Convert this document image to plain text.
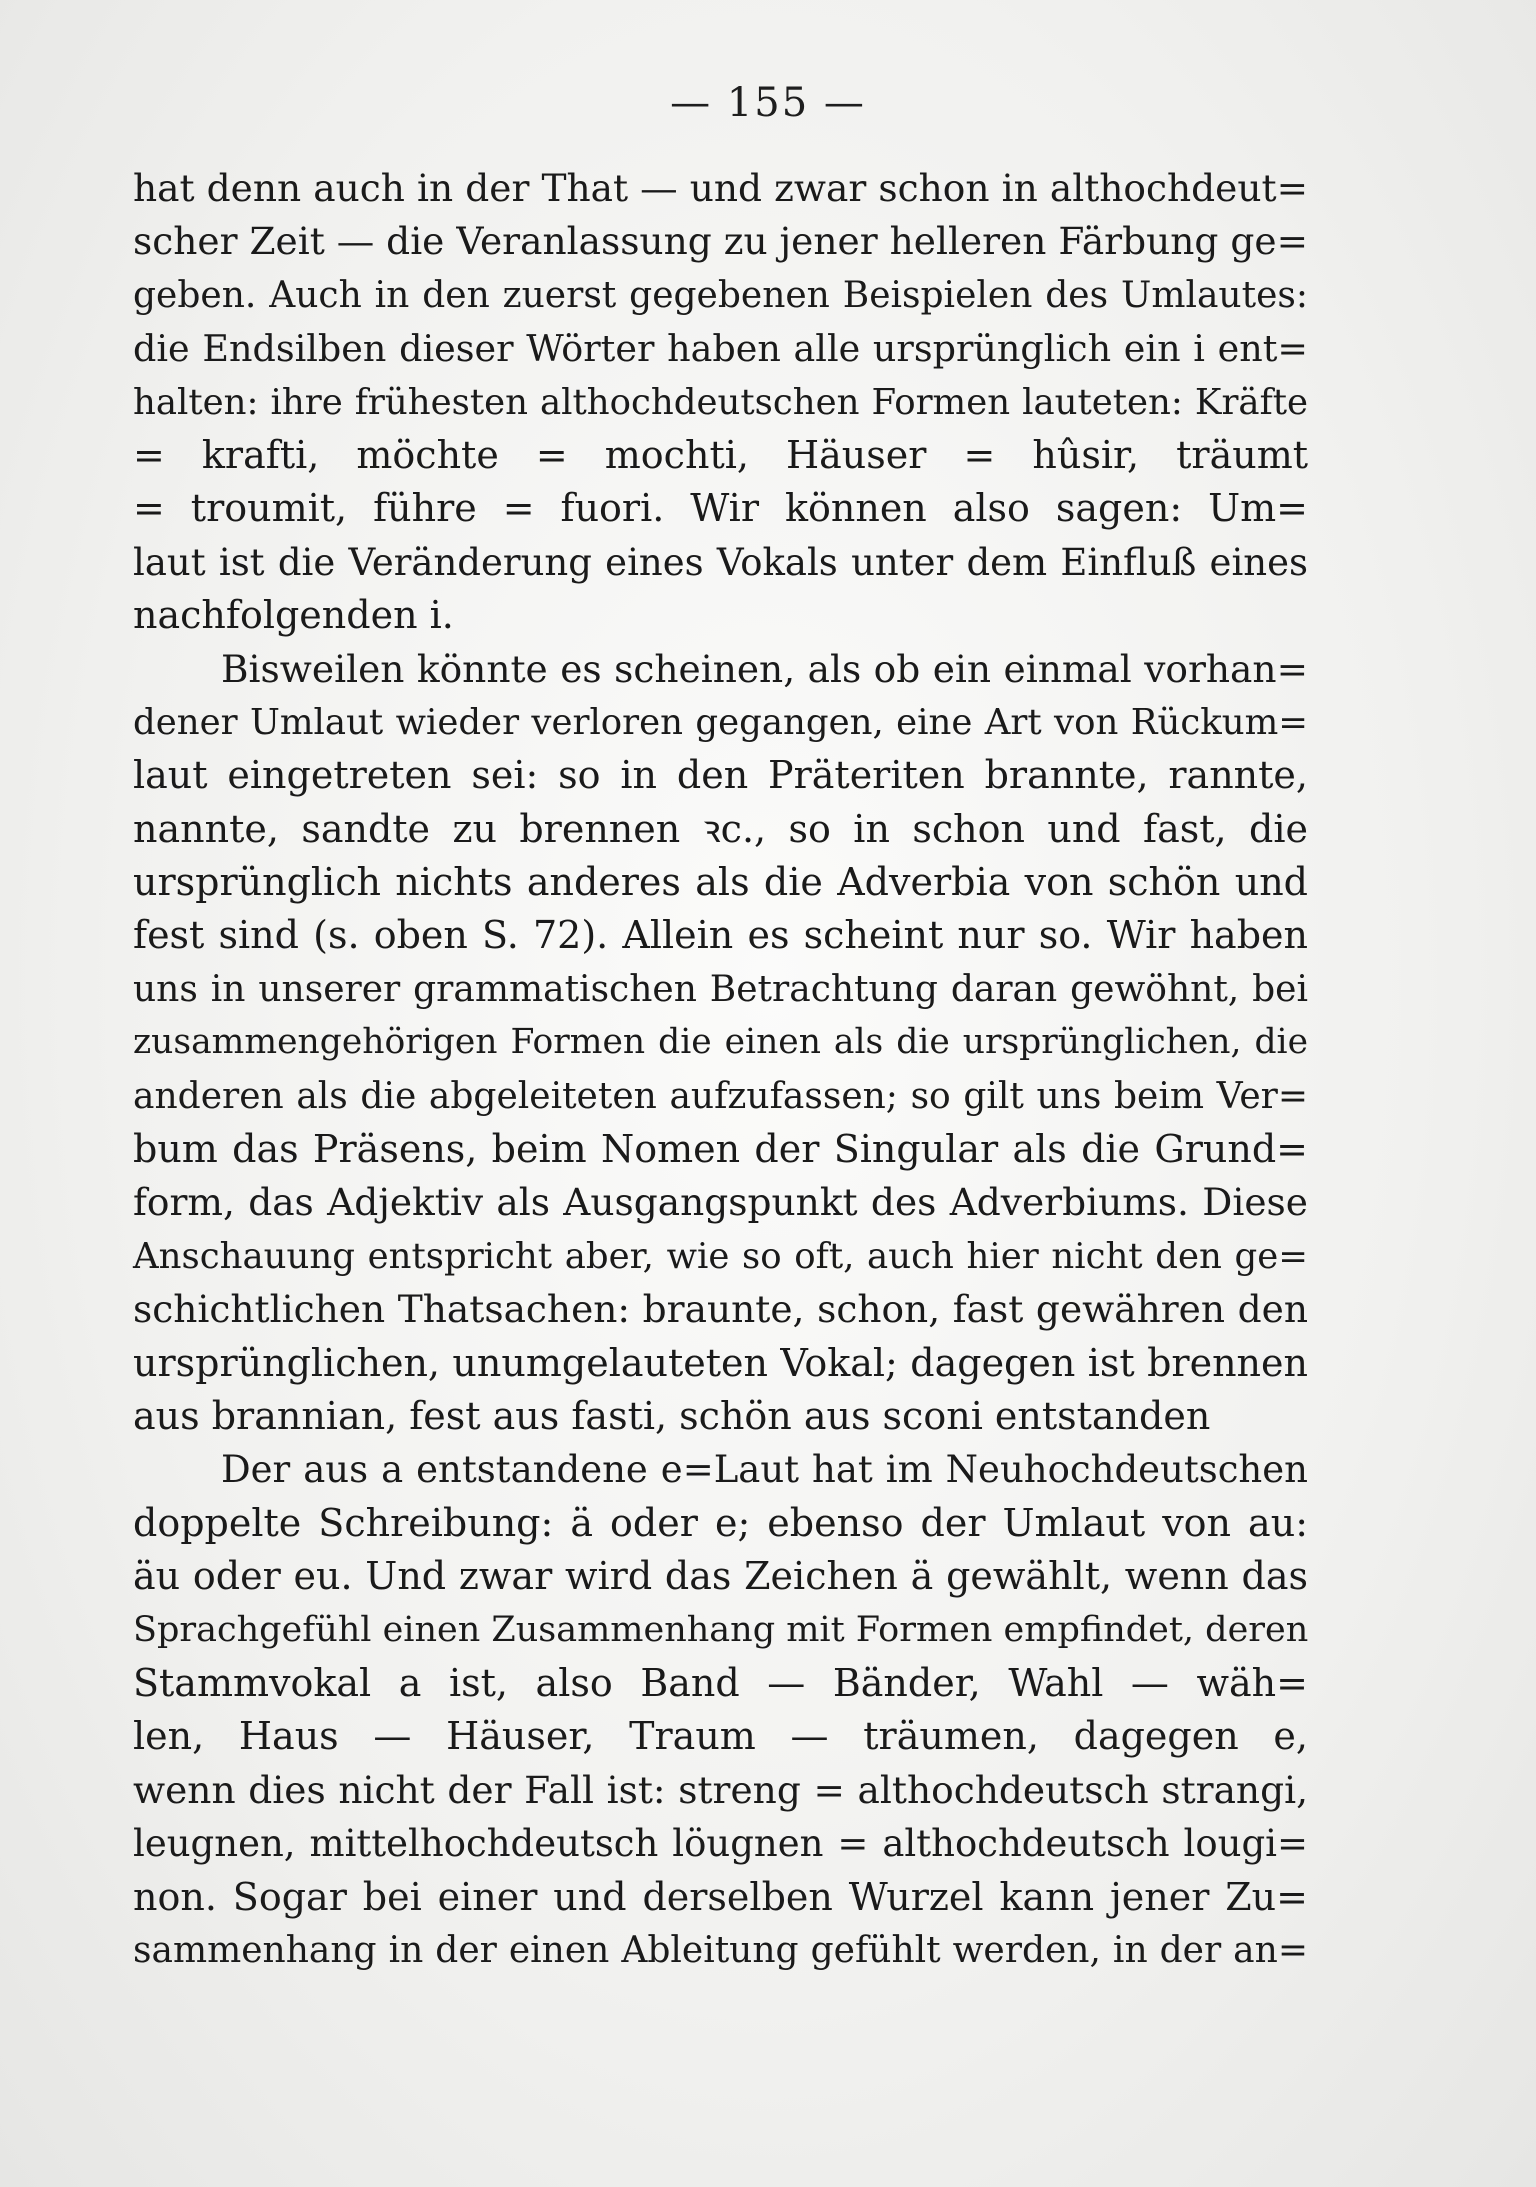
— 155 —
hat denn auch in der That — und zwar schon in althochdeut=
scher Zeit — die Veranlassung zu jener helleren Färbung ge=
geben. Auch in den zuerst gegebenen Beispielen des Umlautes:
die Endsilben dieser Wörter haben alle ursprünglich ein i ent=
halten: ihre frühesten althochdeutschen Formen lauteten: Kräfte
= krafti, möchte = mochti, Häuser = hûsir, träumt
= troumit, führe = fuori. Wir können also sagen: Um=
laut ist die Veränderung eines Vokals unter dem Einfluß eines
nachfolgenden i.
Bisweilen könnte es scheinen, als ob ein einmal vorhan=
dener Umlaut wieder verloren gegangen, eine Art von Rückum=
laut eingetreten sei: so in den Präteriten brannte, rannte,
nannte, sandte zu brennen ꝛc., so in schon und fast, die
ursprünglich nichts anderes als die Adverbia von schön und
fest sind (s. oben S. 72). Allein es scheint nur so. Wir haben
uns in unserer grammatischen Betrachtung daran gewöhnt, bei
zusammengehörigen Formen die einen als die ursprünglichen, die
anderen als die abgeleiteten aufzufassen; so gilt uns beim Ver=
bum das Präsens, beim Nomen der Singular als die Grund=
form, das Adjektiv als Ausgangspunkt des Adverbiums. Diese
Anschauung entspricht aber, wie so oft, auch hier nicht den ge=
schichtlichen Thatsachen: braunte, schon, fast gewähren den
ursprünglichen, unumgelauteten Vokal; dagegen ist brennen
aus brannian, fest aus fasti, schön aus sconi entstanden
Der aus a entstandene e=Laut hat im Neuhochdeutschen
doppelte Schreibung: ä oder e; ebenso der Umlaut von au:
äu oder eu. Und zwar wird das Zeichen ä gewählt, wenn das
Sprachgefühl einen Zusammenhang mit Formen empfindet, deren
Stammvokal a ist, also Band — Bänder, Wahl — wäh=
len, Haus — Häuser, Traum — träumen, dagegen e,
wenn dies nicht der Fall ist: streng = althochdeutsch strangi,
leugnen, mittelhochdeutsch löugnen = althochdeutsch lougi=
non. Sogar bei einer und derselben Wurzel kann jener Zu=
sammenhang in der einen Ableitung gefühlt werden, in der an=
